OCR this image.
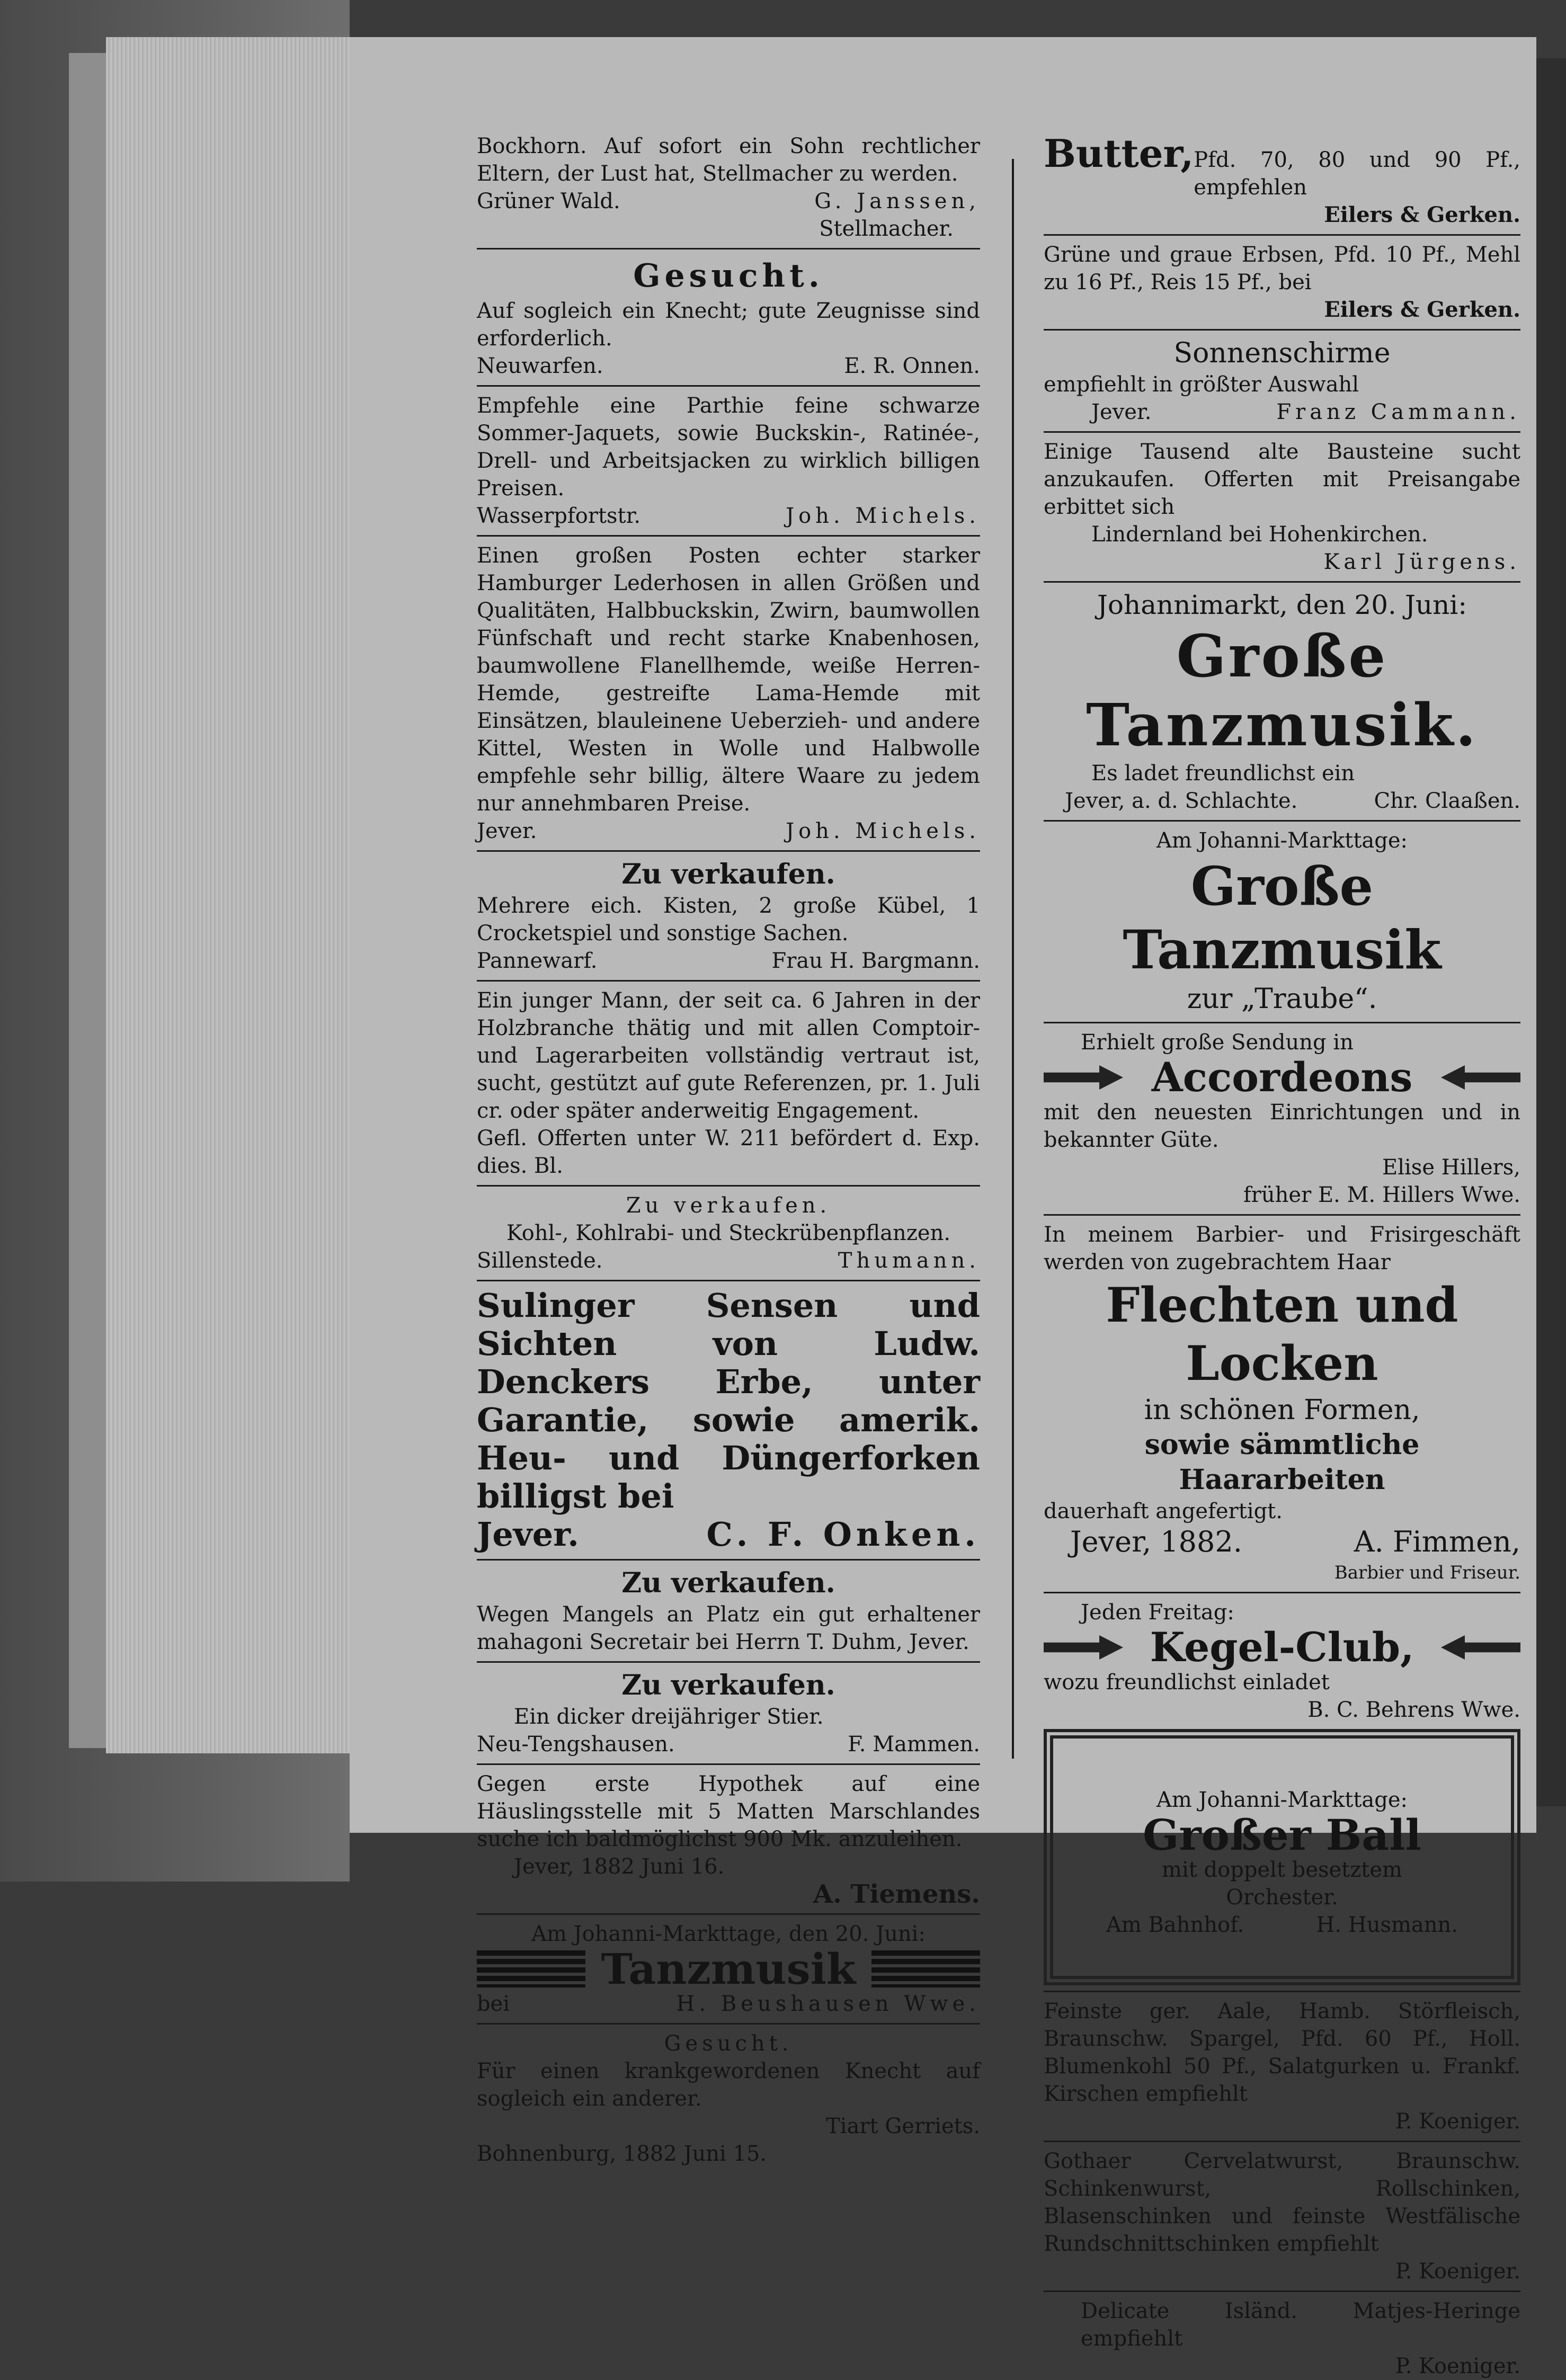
Bockhorn. Auf sofort ein Sohn rechtlicher Eltern, der Lust hat, Stellmacher zu werden.

Grüner Wald.	G. Janssen,

Stellmacher.

Gesucht.

Auf sogleich ein Knecht; gute Zeugnisse sind erforderlich.

Neuwarfen.	E. R. Onnen.

Empfehle eine Parthie feine schwarze Sommer-Jaquets, sowie Buckskin-, Ratinée-, Drell- und Arbeitsjacken zu wirklich billigen Preisen.

Wasserpfortstr.	Joh. Michels.

Einen großen Posten echter starker Hamburger Lederhosen in allen Größen und Qualitäten, Halbbuckskin, Zwirn, baumwollen Fünfschaft und recht starke Knabenhosen, baumwollene Flanellhemde, weiße Herren-Hemde, gestreifte Lama-Hemde mit Einsätzen, blauleinene Ueberzieh- und andere Kittel, Westen in Wolle und Halbwolle empfehle sehr billig, ältere Waare zu jedem nur annehmbaren Preise.

Jever.	Joh. Michels.

Zu verkaufen.

Mehrere eich. Kisten, 2 große Kübel, 1 Crocketspiel und sonstige Sachen.

Pannewarf.	Frau H. Bargmann.

Ein junger Mann, der seit ca. 6 Jahren in der Holzbranche thätig und mit allen Comptoir- und Lagerarbeiten vollständig vertraut ist, sucht, gestützt auf gute Referenzen, pr. 1. Juli cr. oder später anderweitig Engagement.

Gefl. Offerten unter W. 211 befördert d. Exp. dies. Bl.

Zu verkaufen.

Kohl-, Kohlrabi- und Steckrübenpflanzen.

Sillenstede.	Thumann.

Sulinger Sensen und Sichten von Ludw. Denckers Erbe, unter Garantie, sowie amerik. Heu- und Düngerforken billigst bei

Jever.	C. F. Onken.

Zu verkaufen.

Wegen Mangels an Platz ein gut erhaltener mahagoni Secretair bei Herrn T. Duhm, Jever.

Zu verkaufen.

Ein dicker dreijähriger Stier.

Neu-Tengshausen.	F. Mammen.

Gegen erste Hypothek auf eine Häuslingsstelle mit 5 Matten Marschlandes suche ich baldmöglichst 900 Mk. anzuleihen.

Jever, 1882 Juni 16.

A. Tiemens.

Am Johanni-Markttage, den 20. Juni:

Tanzmusik
bei	H. Beushausen Wwe.

Gesucht.

Für einen krankgewordenen Knecht auf sogleich ein anderer.

Tiart Gerriets.

Bohnenburg, 1882 Juni 15.

Butter, Pfd. 70, 80 und 90 Pf., empfehlen

Eilers & Gerken.

Grüne und graue Erbsen, Pfd. 10 Pf., Mehl zu 16 Pf., Reis 15 Pf., bei

Eilers & Gerken.

Sonnenschirme

empfiehlt in größter Auswahl

Jever.	Franz Cammann.

Einige Tausend alte Bausteine sucht anzukaufen. Offerten mit Preisangabe erbittet sich

Lindernland bei Hohenkirchen.

Karl Jürgens.

Johannimarkt, den 20. Juni:

Große Tanzmusik.

Es ladet freundlichst ein

Jever, a. d. Schlachte.	Chr. Claaßen.

Am Johanni-Markttage:

Große Tanzmusik

zur „Traube“.

Erhielt große Sendung in

Accordeons

mit den neuesten Einrichtungen und in bekannter Güte.

Elise Hillers,

früher E. M. Hillers Wwe.

In meinem Barbier- und Frisirgeschäft werden von zugebrachtem Haar

Flechten und Locken

in schönen Formen,

sowie sämmtliche Haararbeiten

dauerhaft angefertigt.

Jever, 1882.	A. Fimmen,

Barbier und Friseur.

Jeden Freitag:

Kegel-Club,

wozu freundlichst einladet

B. C. Behrens Wwe.

Am Johanni-Markttage:

Großer Ball

mit doppelt besetztem Orchester.

Am Bahnhof.	H. Husmann.

Feinste ger. Aale, Hamb. Störfleisch, Braunschw. Spargel, Pfd. 60 Pf., Holl. Blumenkohl 50 Pf., Salatgurken u. Frankf. Kirschen empfiehlt

P. Koeniger.

Gothaer Cervelatwurst, Braunschw. Schinkenwurst, Rollschinken, Blasenschinken und feinste Westfälische Rundschnittschinken empfiehlt

P. Koeniger.

Delicate Isländ. Matjes-Heringe empfiehlt

P. Koeniger.
